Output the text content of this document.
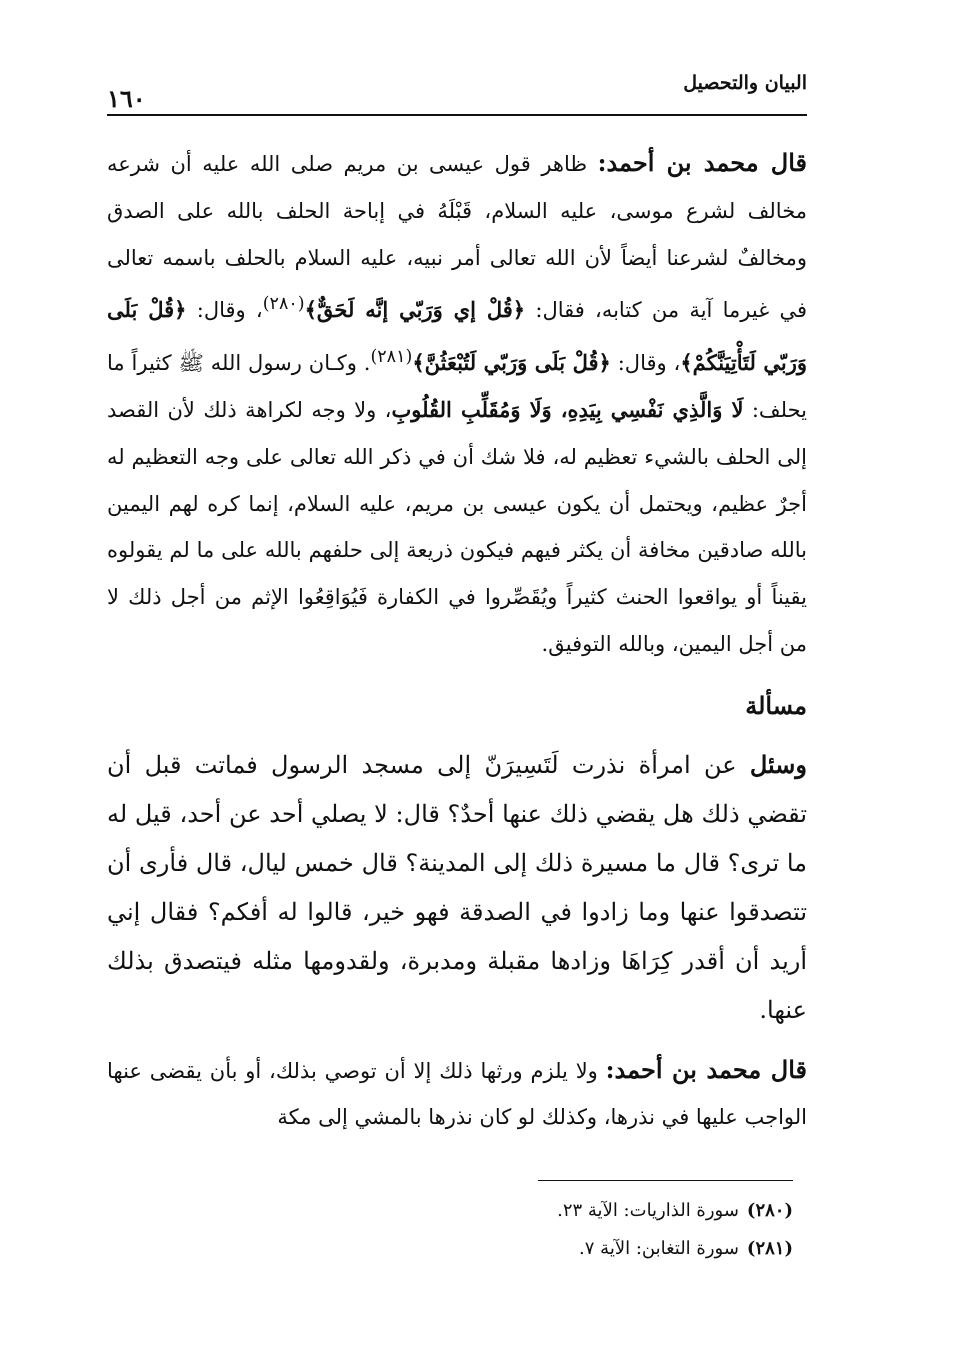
البيان والتحصيل
١٦٠

قال محمد بن أحمد: ظاهر قول عيسى بن مريم صلى الله عليه أن شرعه مخالف لشرع موسى، عليه السلام، قَبْلَهُ في إباحة الحلف بالله على الصدق ومخالفٌ لشرعنا أيضاً لأن الله تعالى أمر نبيه، عليه السلام بالحلف باسمه تعالى في غيرما آية من كتابه، فقال: ﴿قُلْ إي وَرَبّي إنَّه لَحَقٌّ﴾$^{(٢٨٠)}$، وقال: ﴿قُلْ بَلَى وَرَبّي لَتَأْتِيَنَّكُمْ﴾، وقال: ﴿قُلْ بَلَى وَرَبّي لَتُبْعَثُنَّ﴾$^{(٢٨١)}$. وكـان رسول الله ﷺ كثيراً ما يحلف: لَا وَالَّذِي نَفْسِي بِيَدِهِ، وَلَا وَمُقَلِّبِ القُلُوبِ، ولا وجه لكراهة ذلك لأن القصد إلى الحلف بالشيء تعظيم له، فلا شك أن في ذكر الله تعالى على وجه التعظيم له أجرٌ عظيم، ويحتمل أن يكون عيسى بن مريم، عليه السلام، إنما كره لهم اليمين بالله صادقين مخافة أن يكثر فيهم فيكون ذريعة إلى حلفهم بالله على ما لم يقولوه يقيناً أو يواقعوا الحنث كثيراً ويُقَصِّروا في الكفارة فَيُوَاقِعُوا الإثم من أجل ذلك لا من أجل اليمين، وبالله التوفيق.

مسألة

وسئل عن امرأة نذرت لَتَسِيرَنّ إلى مسجد الرسول فماتت قبل أن تقضي ذلك هل يقضي ذلك عنها أحدٌ؟ قال: لا يصلي أحد عن أحد، قيل له ما ترى؟ قال ما مسيرة ذلك إلى المدينة؟ قال خمس ليال، قال فأرى أن تتصدقوا عنها وما زادوا في الصدقة فهو خير، قالوا له أفكم؟ فقال إني أريد أن أقدر كِرَاهَا وزادها مقبلة ومدبرة، ولقدومها مثله فيتصدق بذلك عنها.

قال محمد بن أحمد: ولا يلزم ورثها ذلك إلا أن توصي بذلك، أو بأن يقضى عنها الواجب عليها في نذرها، وكذلك لو كان نذرها بالمشي إلى مكة

(٢٨٠)سورة الذاريات: الآية ٢٣.
(٢٨١)سورة التغابن: الآية ٧.
